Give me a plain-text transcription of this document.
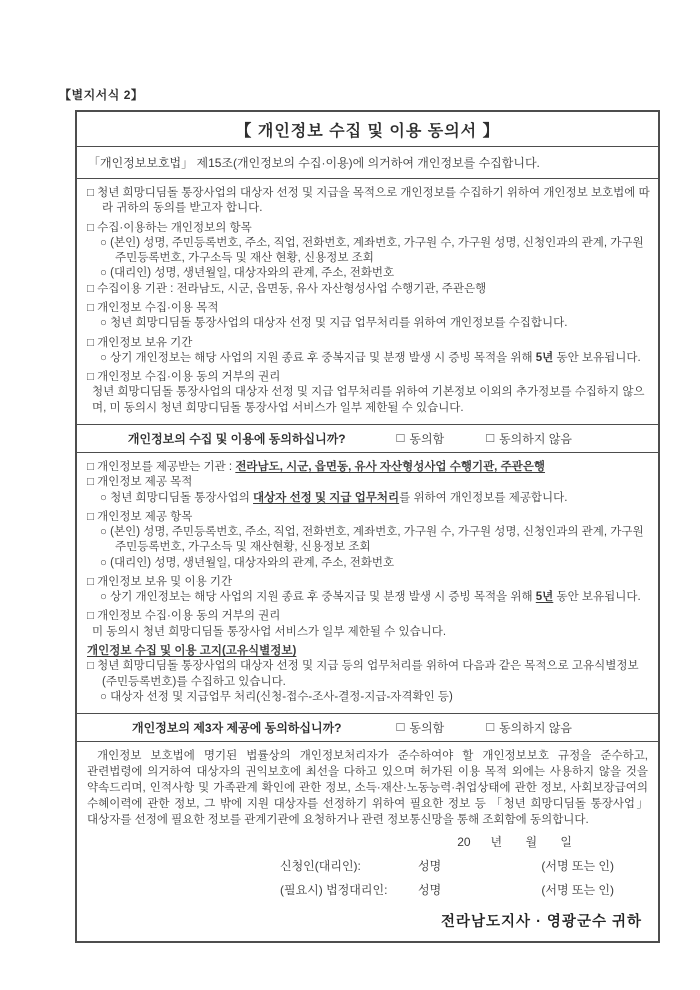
【별지서식 2】
【 개인정보 수집 및 이용 동의서 】
「개인정보보호법」 제15조(개인정보의 수집·이용)에 의거하여 개인정보를 수집합니다.
□ 청년 희망디딤돌 통장사업의 대상자 선정 및 지급을 목적으로 개인정보를 수집하기 위하여 개인정보 보호법에 따라 귀하의 동의를 받고자 합니다.
□ 수집·이용하는 개인정보의 항목
○ (본인) 성명, 주민등록번호, 주소, 직업, 전화번호, 계좌번호, 가구원 수, 가구원 성명, 신청인과의 관계, 가구원 주민등록번호, 가구소득 및 재산 현황, 신용정보 조회
○ (대리인) 성명, 생년월일, 대상자와의 관계, 주소, 전화번호
□ 수집이용 기관 : 전라남도, 시군, 읍면동, 유사 자산형성사업 수행기관, 주관은행
□ 개인정보 수집·이용 목적
○ 청년 희망디딤돌 통장사업의 대상자 선정 및 지급 업무처리를 위하여 개인정보를 수집합니다.
□ 개인정보 보유 기간
○ 상기 개인정보는 해당 사업의 지원 종료 후 중복지급 및 분쟁 발생 시 증빙 목적을 위해 5년 동안 보유됩니다.
□ 개인정보 수집·이용 동의 거부의 권리
청년 희망디딤돌 통장사업의 대상자 선정 및 지급 업무처리를 위하여 기본정보 이외의 추가정보를 수집하지 않으며, 미 동의시 청년 희망디딤돌 통장사업 서비스가 일부 제한될 수 있습니다.
개인정보의 수집 및 이용에 동의하십니까?	□ 동의함	□ 동의하지 않음
□ 개인정보를 제공받는 기관 : 전라남도, 시군, 읍면동, 유사 자산형성사업 수행기관, 주관은행
□ 개인정보 제공 목적
○ 청년 희망디딤돌 통장사업의 대상자 선정 및 지급 업무처리를 위하여 개인정보를 제공합니다.
□ 개인정보 제공 항목
○ (본인) 성명, 주민등록번호, 주소, 직업, 전화번호, 계좌번호, 가구원 수, 가구원 성명, 신청인과의 관계, 가구원 주민등록번호, 가구소득 및 재산현황, 신용정보 조회
○ (대리인) 성명, 생년월일, 대상자와의 관계, 주소, 전화번호
□ 개인정보 보유 및 이용 기간
○ 상기 개인정보는 해당 사업의 지원 종료 후 중복지급 및 분쟁 발생 시 증빙 목적을 위해 5년 동안 보유됩니다.
□ 개인정보 수집·이용 동의 거부의 권리
미 동의시 청년 희망디딤돌 통장사업 서비스가 일부 제한될 수 있습니다.
개인정보 수집 및 이용 고지(고유식별정보)
□ 청년 희망디딤돌 통장사업의 대상자 선정 및 지급 등의 업무처리를 위하여 다음과 같은 목적으로 고유식별정보(주민등록번호)를 수집하고 있습니다.
○ 대상자 선정 및 지급업무 처리(신청-접수-조사-결정-지급-자격확인 등)
개인정보의 제3자 제공에 동의하십니까?	□ 동의함	□ 동의하지 않음
개인정보 보호법에 명기된 법률상의 개인정보처리자가 준수하여야 할 개인정보보호 규정을 준수하고, 관련법령에 의거하여 대상자의 권익보호에 최선을 다하고 있으며 허가된 이용 목적 외에는 사용하지 않을 것을 약속드리며, 인적사항 및 가족관계 확인에 관한 정보, 소득·재산·노동능력·취업상태에 관한 정보, 사회보장급여의 수혜이력에 관한 정보, 그 밖에 지원 대상자를 선정하기 위하여 필요한 정보 등 「청년 희망디딤돌 통장사업」 대상자를 선정에 필요한 정보를 관계기관에 요청하거나 관련 정보통신망을 통해 조회함에 동의합니다.
20      년       월       일
신청인(대리인):	성명	(서명 또는 인)
(필요시) 법정대리인:	성명	(서명 또는 인)
전라남도지사 · 영광군수 귀하
